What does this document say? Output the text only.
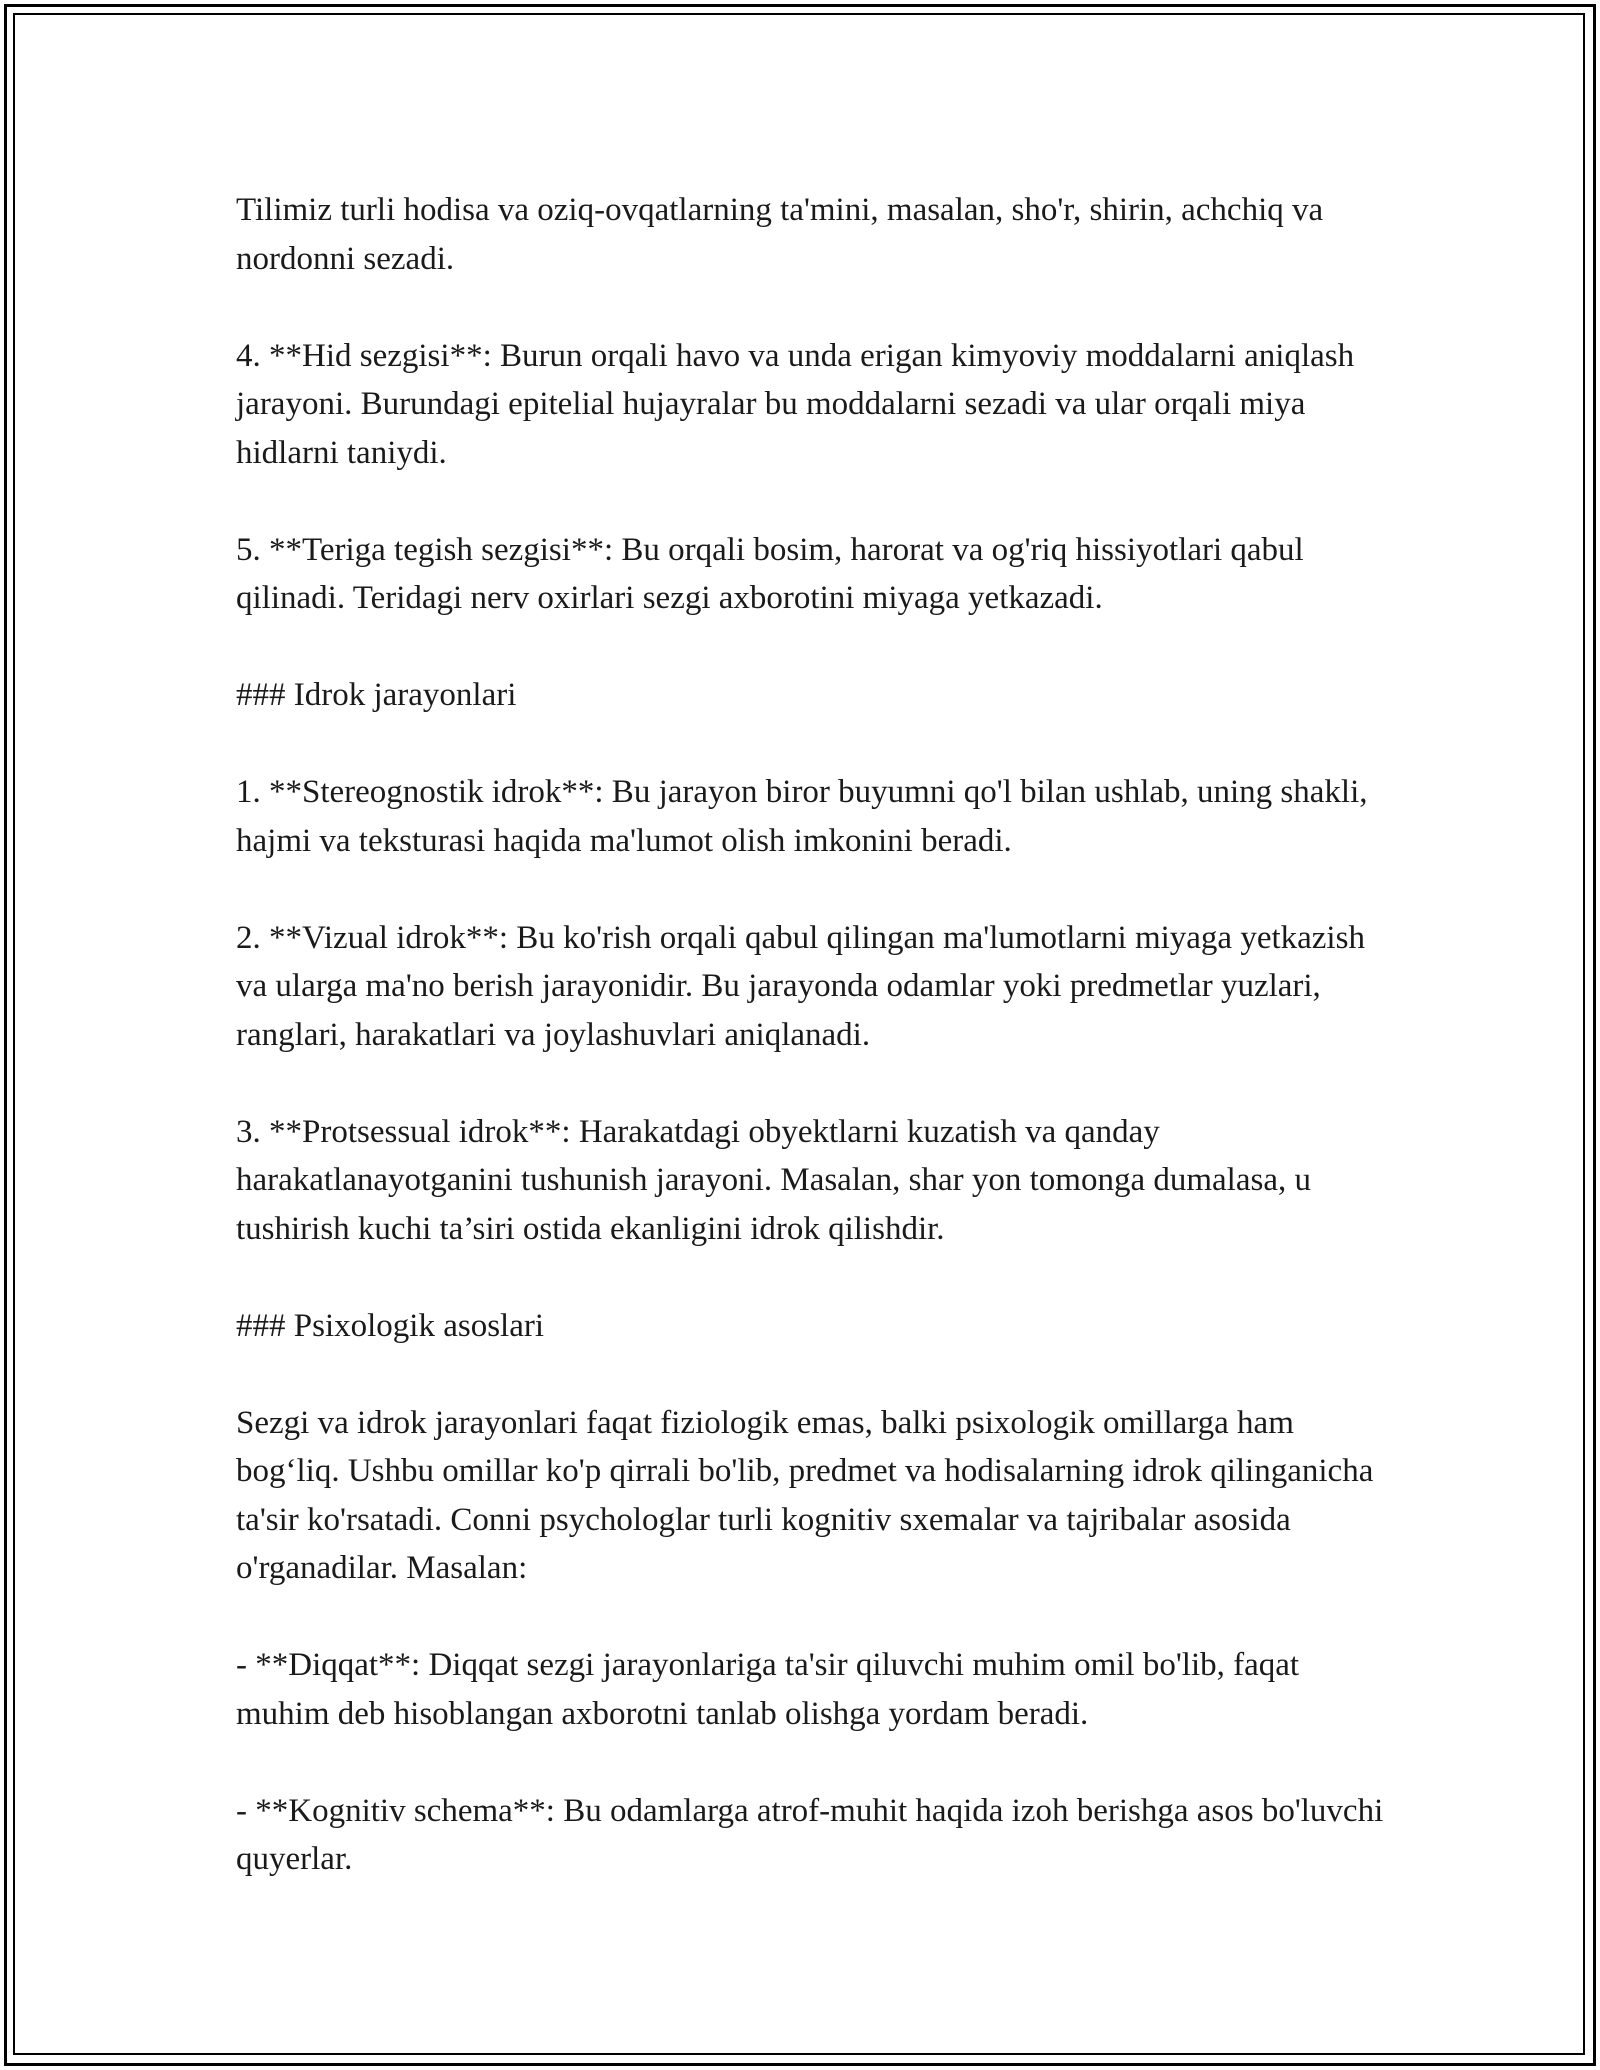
Tilimiz turli hodisa va oziq-ovqatlarning ta'mini, masalan, sho'r, shirin, achchiq va nordonni sezadi.

4. **Hid sezgisi**: Burun orqali havo va unda erigan kimyoviy moddalarni aniqlash jarayoni. Burundagi epitelial hujayralar bu moddalarni sezadi va ular orqali miya hidlarni taniydi.

5. **Teriga tegish sezgisi**: Bu orqali bosim, harorat va og'riq hissiyotlari qabul qilinadi. Teridagi nerv oxirlari sezgi axborotini miyaga yetkazadi.

### Idrok jarayonlari

1. **Stereognostik idrok**: Bu jarayon biror buyumni qo'l bilan ushlab, uning shakli, hajmi va teksturasi haqida ma'lumot olish imkonini beradi.

2. **Vizual idrok**: Bu ko'rish orqali qabul qilingan ma'lumotlarni miyaga yetkazish va ularga ma'no berish jarayonidir. Bu jarayonda odamlar yoki predmetlar yuzlari, ranglari, harakatlari va joylashuvlari aniqlanadi.

3. **Protsessual idrok**: Harakatdagi obyektlarni kuzatish va qanday harakatlanayotganini tushunish jarayoni. Masalan, shar yon tomonga dumalasa, u tushirish kuchi ta’siri ostida ekanligini idrok qilishdir.

### Psixologik asoslari

Sezgi va idrok jarayonlari faqat fiziologik emas, balki psixologik omillarga ham bog‘liq. Ushbu omillar ko'p qirrali bo'lib, predmet va hodisalarning idrok qilinganicha ta'sir ko'rsatadi. Conni psychologlar turli kognitiv sxemalar va tajribalar asosida o'rganadilar. Masalan:

- **Diqqat**: Diqqat sezgi jarayonlariga ta'sir qiluvchi muhim omil bo'lib, faqat muhim deb hisoblangan axborotni tanlab olishga yordam beradi.

- **Kognitiv schema**: Bu odamlarga atrof-muhit haqida izoh berishga asos bo'luvchi quyerlar.
